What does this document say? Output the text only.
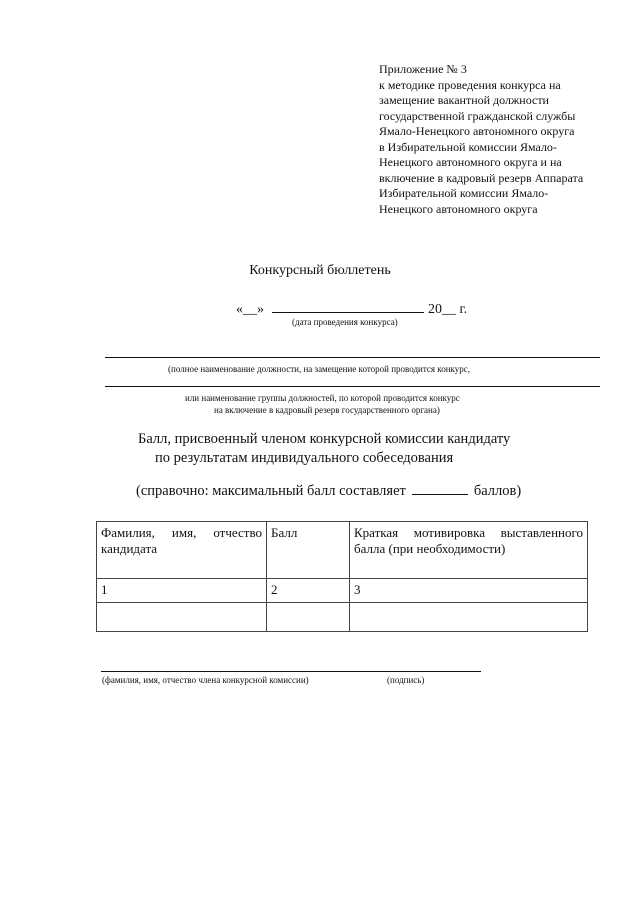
Приложение № 3
к методике проведения конкурса на
замещение вакантной должности
государственной гражданской службы
Ямало-Ненецкого автономного округа
в Избирательной комиссии Ямало-
Ненецкого автономного округа и на
включение в кадровый резерв Аппарата
Избирательной комиссии Ямало-
Ненецкого автономного округа
Конкурсный бюллетень
«__»	20__ г.
(дата проведения конкурса)
(полное наименование должности, на замещение которой проводится конкурс,
или наименование группы должностей, по которой проводится конкурс
на включение в кадровый резерв государственного органа)
Балл, присвоенный членом конкурсной комиссии кандидату
по результатам индивидуального собеседования
(справочно: максимальный балл составляет	баллов)
Фамилия, имя, отчество кандидата	Балл	Краткая мотивировка выставленного балла (при необходимости)
1	2	3

(фамилия, имя, отчество члена конкурсной комиссии)	(подпись)
